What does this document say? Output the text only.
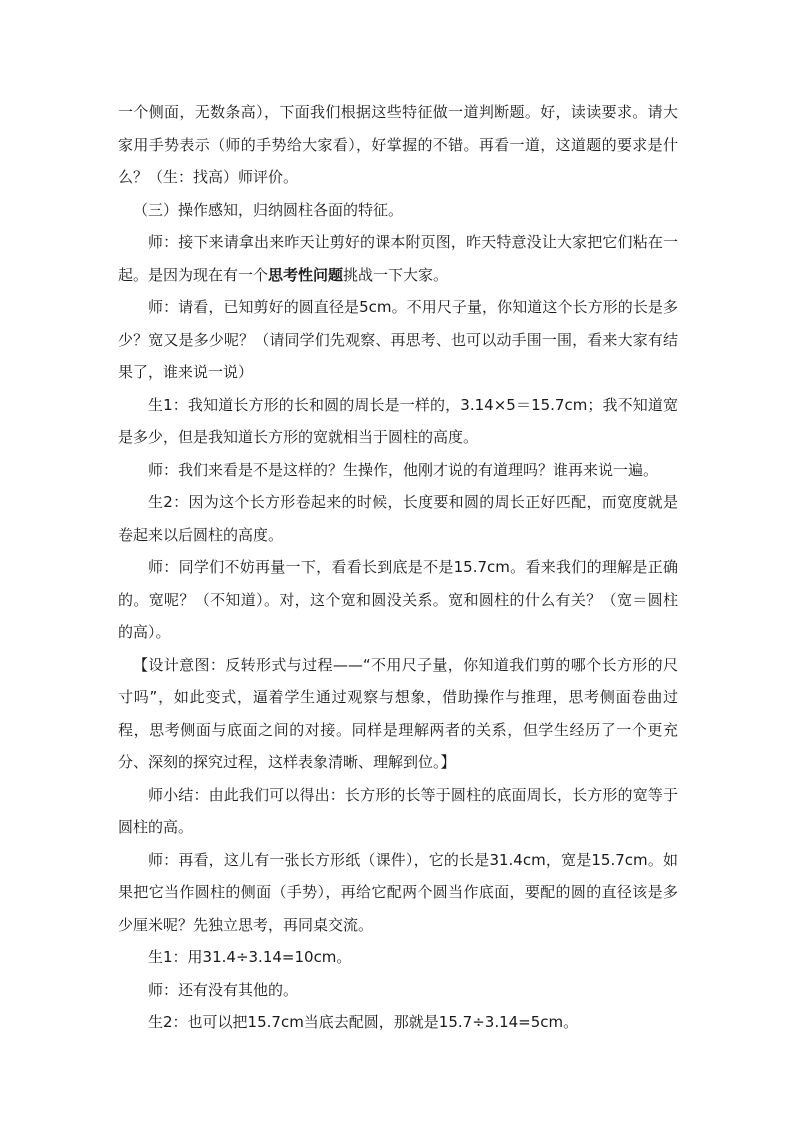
一个侧面，无数条高），下面我们根据这些特征做一道判断题。好，读读要求。请大家用手势表示（师的手势给大家看），好掌握的不错。再看一道，这道题的要求是什么？（生：找高）师评价。

（三）操作感知，归纳圆柱各面的特征。

师：接下来请拿出来昨天让剪好的课本附页图，昨天特意没让大家把它们粘在一起。是因为现在有一个思考性问题挑战一下大家。

师：请看，已知剪好的圆直径是5cm。不用尺子量，你知道这个长方形的长是多少？宽又是多少呢？（请同学们先观察、再思考、也可以动手围一围，看来大家有结果了，谁来说一说）

生1：我知道长方形的长和圆的周长是一样的，3.14×5＝15.7cm；我不知道宽是多少，但是我知道长方形的宽就相当于圆柱的高度。

师：我们来看是不是这样的？生操作，他刚才说的有道理吗？谁再来说一遍。

生2：因为这个长方形卷起来的时候，长度要和圆的周长正好匹配，而宽度就是卷起来以后圆柱的高度。

师：同学们不妨再量一下，看看长到底是不是15.7cm。看来我们的理解是正确的。宽呢？（不知道）。对，这个宽和圆没关系。宽和圆柱的什么有关？（宽＝圆柱的高）。

【设计意图：反转形式与过程——“不用尺子量，你知道我们剪的哪个长方形的尺寸吗”，如此变式，逼着学生通过观察与想象，借助操作与推理，思考侧面卷曲过程，思考侧面与底面之间的对接。同样是理解两者的关系，但学生经历了一个更充分、深刻的探究过程，这样表象清晰、理解到位。】

师小结：由此我们可以得出：长方形的长等于圆柱的底面周长，长方形的宽等于圆柱的高。

师：再看，这儿有一张长方形纸（课件），它的长是31.4cm，宽是15.7cm。如果把它当作圆柱的侧面（手势），再给它配两个圆当作底面，要配的圆的直径该是多少厘米呢？先独立思考，再同桌交流。

生1：用31.4÷3.14=10cm。

师：还有没有其他的。

生2：也可以把15.7cm当底去配圆，那就是15.7÷3.14=5cm。
